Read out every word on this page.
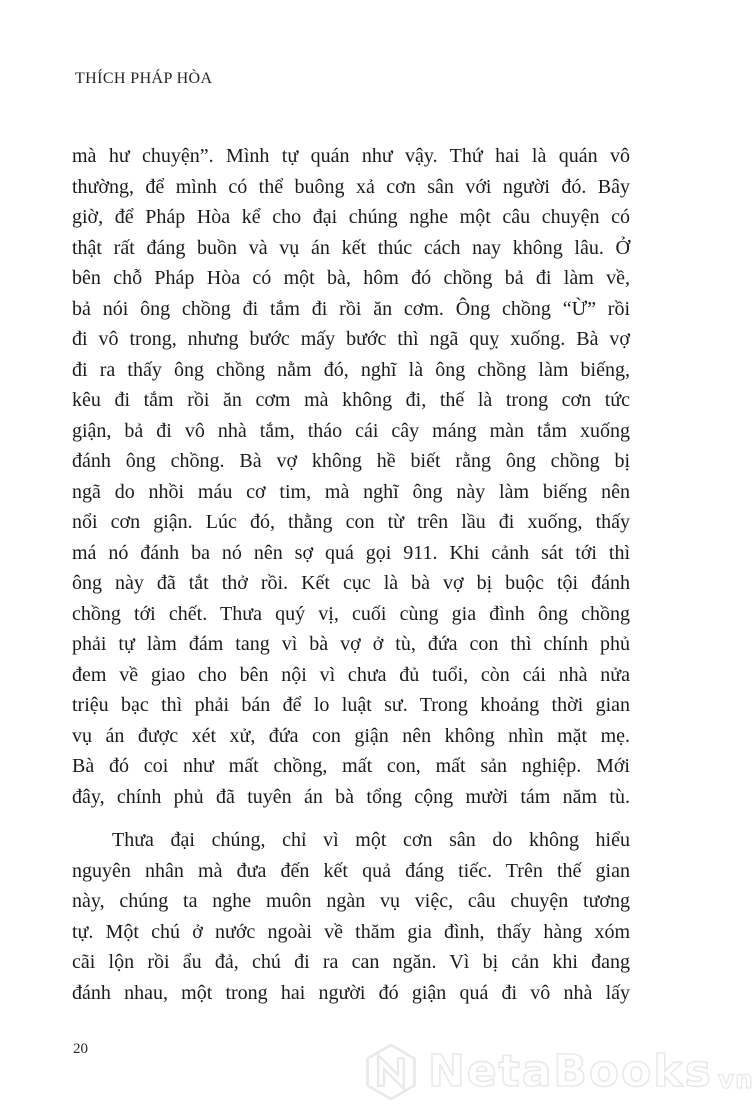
THÍCH PHÁP HÒA
mà hư chuyện”. Mình tự quán như vậy. Thứ hai là quán vô
thường, để mình có thể buông xả cơn sân với người đó. Bây
giờ, để Pháp Hòa kể cho đại chúng nghe một câu chuyện có
thật rất đáng buồn và vụ án kết thúc cách nay không lâu. Ở
bên chỗ Pháp Hòa có một bà, hôm đó chồng bả đi làm về,
bả nói ông chồng đi tắm đi rồi ăn cơm. Ông chồng “Ừ” rồi
đi vô trong, nhưng bước mấy bước thì ngã quỵ xuống. Bà vợ
đi ra thấy ông chồng nằm đó, nghĩ là ông chồng làm biếng,
kêu đi tắm rồi ăn cơm mà không đi, thế là trong cơn tức
giận, bả đi vô nhà tắm, tháo cái cây máng màn tắm xuống
đánh ông chồng. Bà vợ không hề biết rằng ông chồng bị
ngã do nhồi máu cơ tim, mà nghĩ ông này làm biếng nên
nổi cơn giận. Lúc đó, thằng con từ trên lầu đi xuống, thấy
má nó đánh ba nó nên sợ quá gọi 911. Khi cảnh sát tới thì
ông này đã tắt thở rồi. Kết cục là bà vợ bị buộc tội đánh
chồng tới chết. Thưa quý vị, cuối cùng gia đình ông chồng
phải tự làm đám tang vì bà vợ ở tù, đứa con thì chính phủ
đem về giao cho bên nội vì chưa đủ tuổi, còn cái nhà nửa
triệu bạc thì phải bán để lo luật sư. Trong khoảng thời gian
vụ án được xét xử, đứa con giận nên không nhìn mặt mẹ.
Bà đó coi như mất chồng, mất con, mất sản nghiệp. Mới
đây, chính phủ đã tuyên án bà tổng cộng mười tám năm tù.
Thưa đại chúng, chỉ vì một cơn sân do không hiểu
nguyên nhân mà đưa đến kết quả đáng tiếc. Trên thế gian
này, chúng ta nghe muôn ngàn vụ việc, câu chuyện tương
tự. Một chú ở nước ngoài về thăm gia đình, thấy hàng xóm
cãi lộn rồi ẩu đả, chú đi ra can ngăn. Vì bị cản khi đang
đánh nhau, một trong hai người đó giận quá đi vô nhà lấy
20	NetaBooks vn
